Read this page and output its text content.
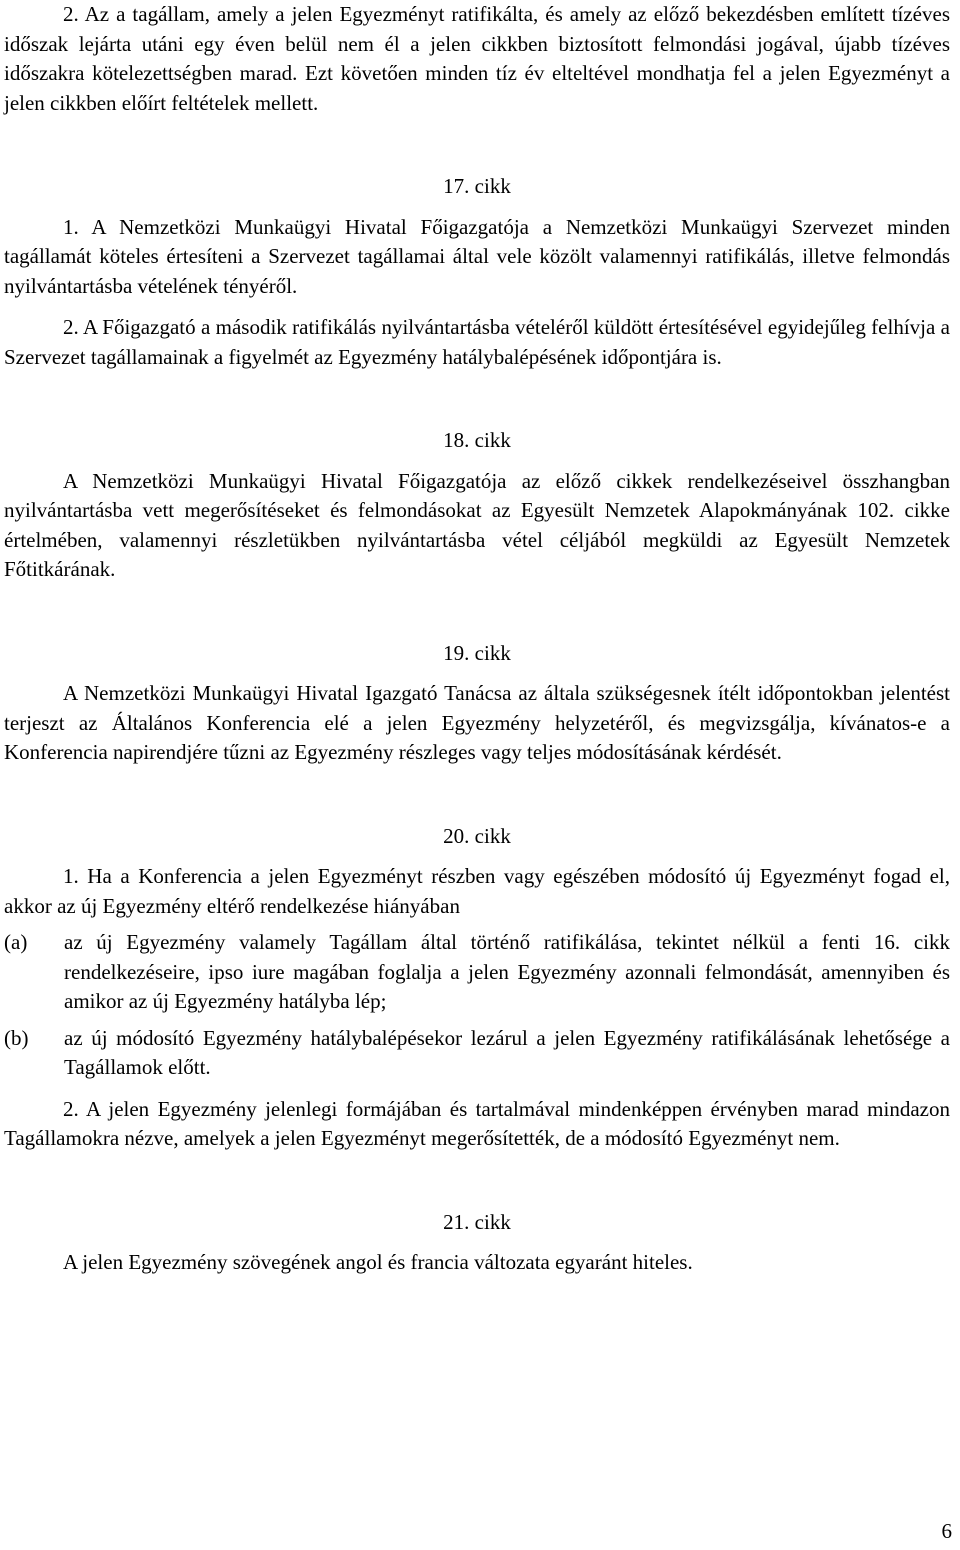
2. Az a tagállam, amely a jelen Egyezményt ratifikálta, és amely az előző bekezdésben említett tízéves időszak lejárta utáni egy éven belül nem él a jelen cikkben biztosított felmondási jogával, újabb tízéves időszakra kötelezettségben marad. Ezt követően minden tíz év elteltével mondhatja fel a jelen Egyezményt a jelen cikkben előírt feltételek mellett.

17. cikk

1. A Nemzetközi Munkaügyi Hivatal Főigazgatója a Nemzetközi Munkaügyi Szervezet minden tagállamát köteles értesíteni a Szervezet tagállamai által vele közölt valamennyi ratifikálás, illetve felmondás nyilvántartásba vételének tényéről.

2. A Főigazgató a második ratifikálás nyilvántartásba vételéről küldött értesítésével egyidejűleg felhívja a Szervezet tagállamainak a figyelmét az Egyezmény hatálybalépésének időpontjára is.

18. cikk

A Nemzetközi Munkaügyi Hivatal Főigazgatója az előző cikkek rendelkezéseivel összhangban nyilvántartásba vett megerősítéseket és felmondásokat az Egyesült Nemzetek Alapokmányának 102. cikke értelmében, valamennyi részletükben nyilvántartásba vétel céljából megküldi az Egyesült Nemzetek Főtitkárának.

19. cikk

A Nemzetközi Munkaügyi Hivatal Igazgató Tanácsa az általa szükségesnek ítélt időpontokban jelentést terjeszt az Általános Konferencia elé a jelen Egyezmény helyzetéről, és megvizsgálja, kívánatos-e a Konferencia napirendjére tűzni az Egyezmény részleges vagy teljes módosításának kérdését.

20. cikk

1. Ha a Konferencia a jelen Egyezményt részben vagy egészében módosító új Egyezményt fogad el, akkor az új Egyezmény eltérő rendelkezése hiányában

(a)	az új Egyezmény valamely Tagállam által történő ratifikálása, tekintet nélkül a fenti 16. cikk rendelkezéseire, ipso iure magában foglalja a jelen Egyezmény azonnali felmondását, amennyiben és amikor az új Egyezmény hatályba lép;
(b)	az új módosító Egyezmény hatálybalépésekor lezárul a jelen Egyezmény ratifikálásának lehetősége a Tagállamok előtt.

2. A jelen Egyezmény jelenlegi formájában és tartalmával mindenképpen érvényben marad mindazon Tagállamokra nézve, amelyek a jelen Egyezményt megerősítették, de a módosító Egyezményt nem.

21. cikk

A jelen Egyezmény szövegének angol és francia változata egyaránt hiteles.

6
